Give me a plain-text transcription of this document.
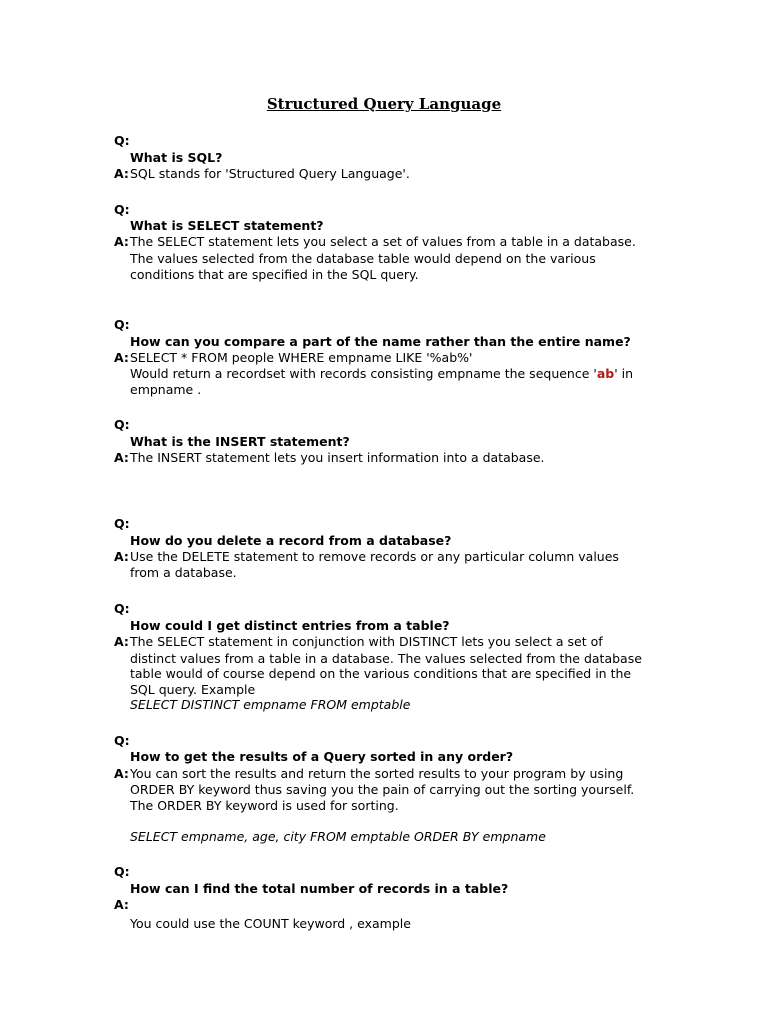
Structured Query Language
Q:
What is SQL?
A: SQL stands for 'Structured Query Language'.
Q:
What is SELECT statement?
A: The SELECT statement lets you select a set of values from a table in a database.
The values selected from the database table would depend on the various
conditions that are specified in the SQL query.
Q:
How can you compare a part of the name rather than the entire name?
A: SELECT * FROM people WHERE empname LIKE '%ab%'
Would return a recordset with records consisting empname the sequence 'ab' in
empname .
Q:
What is the INSERT statement?
A: The INSERT statement lets you insert information into a database.
Q:
How do you delete a record from a database?
A: Use the DELETE statement to remove records or any particular column values
from a database.
Q:
How could I get distinct entries from a table?
A: The SELECT statement in conjunction with DISTINCT lets you select a set of
distinct values from a table in a database. The values selected from the database
table would of course depend on the various conditions that are specified in the
SQL query. Example
SELECT DISTINCT empname FROM emptable
Q:
How to get the results of a Query sorted in any order?
A: You can sort the results and return the sorted results to your program by using
ORDER BY keyword thus saving you the pain of carrying out the sorting yourself.
The ORDER BY keyword is used for sorting.
SELECT empname, age, city FROM emptable ORDER BY empname
Q:
How can I find the total number of records in a table?
A:
You could use the COUNT keyword , example
